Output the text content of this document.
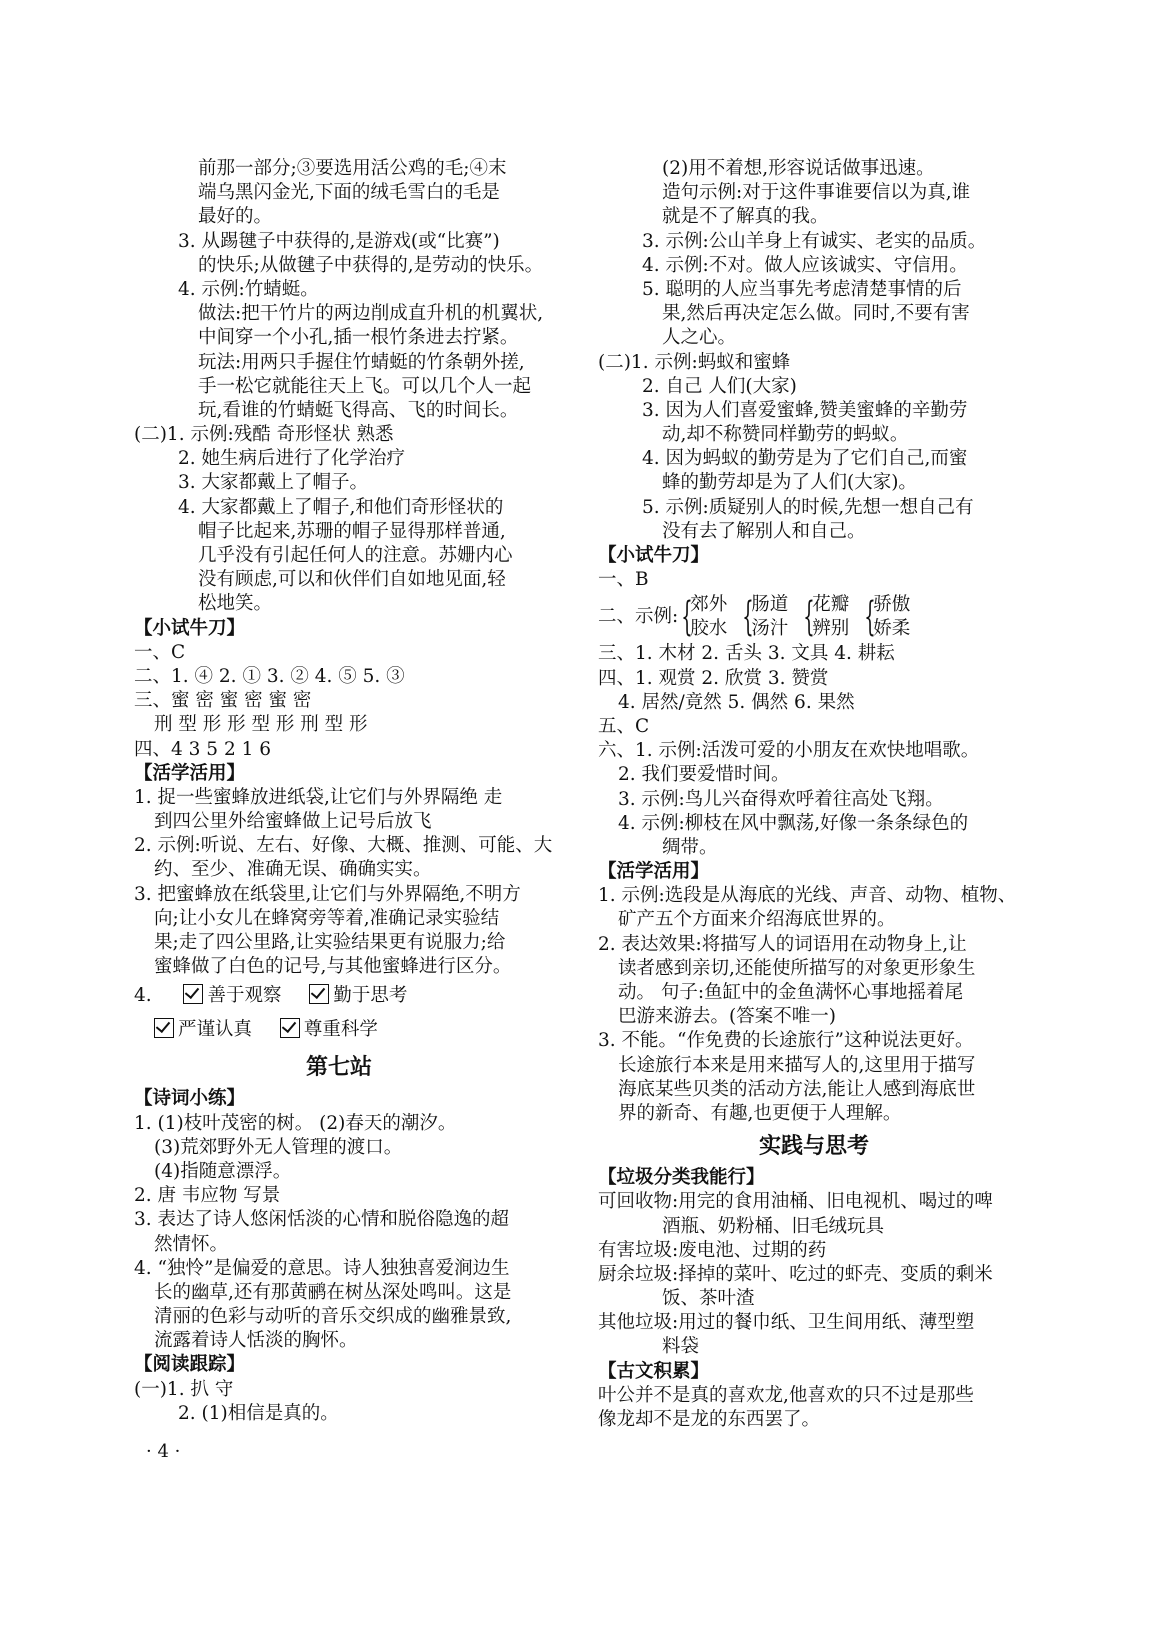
前那一部分;③要选用活公鸡的毛;④末
端乌黑闪金光,下面的绒毛雪白的毛是
最好的。
3. 从踢毽子中获得的,是游戏(或“比赛”)
的快乐;从做毽子中获得的,是劳动的快乐。
4. 示例:竹蜻蜓。
做法:把干竹片的两边削成直升机的机翼状,
中间穿一个小孔,插一根竹条进去拧紧。
玩法:用两只手握住竹蜻蜓的竹条朝外搓,
手一松它就能往天上飞。可以几个人一起
玩,看谁的竹蜻蜓飞得高、飞的时间长。
(二)1. 示例:残酷 奇形怪状 熟悉
2. 她生病后进行了化学治疗
3. 大家都戴上了帽子。
4. 大家都戴上了帽子,和他们奇形怪状的
帽子比起来,苏珊的帽子显得那样普通,
几乎没有引起任何人的注意。苏姗内心
没有顾虑,可以和伙伴们自如地见面,轻
松地笑。
【小试牛刀】
一、C
二、1. ④ 2. ① 3. ② 4. ⑤ 5. ③
三、蜜 密 蜜 密 蜜 密
刑 型 形 形 型 形 刑 型 形
四、4 3 5 2 1 6
【活学活用】
1. 捉一些蜜蜂放进纸袋,让它们与外界隔绝 走
到四公里外给蜜蜂做上记号后放飞
2. 示例:听说、左右、好像、大概、推测、可能、大
约、至少、准确无误、确确实实。
3. 把蜜蜂放在纸袋里,让它们与外界隔绝,不明方
向;让小女儿在蜂窝旁等着,准确记录实验结
果;走了四公里路,让实验结果更有说服力;给
蜜蜂做了白色的记号,与其他蜜蜂进行区分。
4.	善于观察	勤于思考
严谨认真	尊重科学
第七站
【诗词小练】
1. (1)枝叶茂密的树。 (2)春天的潮汐。
(3)荒郊野外无人管理的渡口。
(4)指随意漂浮。
2. 唐 韦应物 写景
3. 表达了诗人悠闲恬淡的心情和脱俗隐逸的超
然情怀。
4. “独怜”是偏爱的意思。诗人独独喜爱涧边生
长的幽草,还有那黄鹂在树丛深处鸣叫。这是
清丽的色彩与动听的音乐交织成的幽雅景致,
流露着诗人恬淡的胸怀。
【阅读跟踪】
(一)1. 扒 守
2. (1)相信是真的。
(2)用不着想,形容说话做事迅速。
造句示例:对于这件事谁要信以为真,谁
就是不了解真的我。
3. 示例:公山羊身上有诚实、老实的品质。
4. 示例:不对。做人应该诚实、守信用。
5. 聪明的人应当事先考虑清楚事情的后
果,然后再决定怎么做。同时,不要有害
人之心。
(二)1. 示例:蚂蚁和蜜蜂
2. 自己 人们(大家)
3. 因为人们喜爱蜜蜂,赞美蜜蜂的辛勤劳
动,却不称赞同样勤劳的蚂蚁。
4. 因为蚂蚁的勤劳是为了它们自己,而蜜
蜂的勤劳却是为了人们(大家)。
5. 示例:质疑别人的时候,先想一想自己有
没有去了解别人和自己。
【小试牛刀】
一、B
二、示例: {
郊外
胶水 {
肠道
汤汁 {
花瓣
辨别 {
骄傲
娇柔
三、1. 木材 2. 舌头 3. 文具 4. 耕耘
四、1. 观赏 2. 欣赏 3. 赞赏
4. 居然/竟然 5. 偶然 6. 果然
五、C
六、1. 示例:活泼可爱的小朋友在欢快地唱歌。
2. 我们要爱惜时间。
3. 示例:鸟儿兴奋得欢呼着往高处飞翔。
4. 示例:柳枝在风中飘荡,好像一条条绿色的
绸带。
【活学活用】
1. 示例:选段是从海底的光线、声音、动物、植物、
矿产五个方面来介绍海底世界的。
2. 表达效果:将描写人的词语用在动物身上,让
读者感到亲切,还能使所描写的对象更形象生
动。 句子:鱼缸中的金鱼满怀心事地摇着尾
巴游来游去。(答案不唯一)
3. 不能。“作免费的长途旅行”这种说法更好。
长途旅行本来是用来描写人的,这里用于描写
海底某些贝类的活动方法,能让人感到海底世
界的新奇、有趣,也更便于人理解。
实践与思考
【垃圾分类我能行】
可回收物:用完的食用油桶、旧电视机、喝过的啤
酒瓶、奶粉桶、旧毛绒玩具
有害垃圾:废电池、过期的药
厨余垃圾:择掉的菜叶、吃过的虾壳、变质的剩米
饭、茶叶渣
其他垃圾:用过的餐巾纸、卫生间用纸、薄型塑
料袋
【古文积累】
叶公并不是真的喜欢龙,他喜欢的只不过是那些
像龙却不是龙的东西罢了。
· 4 ·
